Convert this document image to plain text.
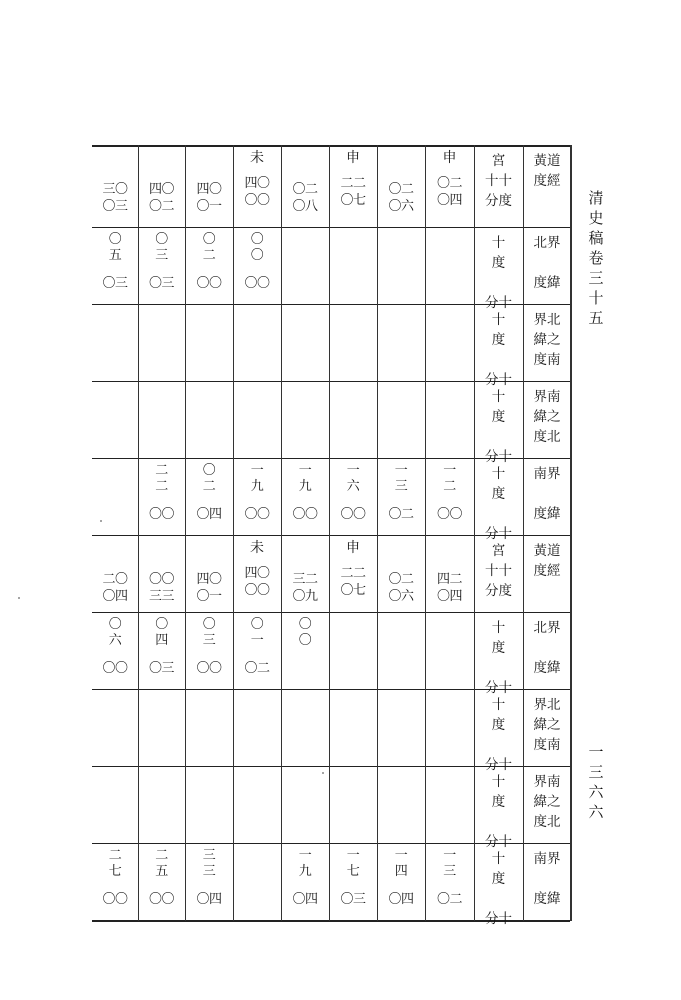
黃道
度經
宮
十十
分度
申
〇二
〇四
〇二
〇六
申
二二
〇七
〇二
〇八
未
四〇
〇〇
四〇
〇一
四〇
〇二
三〇
〇三
北界

度緯
十
度

分十
〇
〇
〇〇
〇
二
〇〇
〇
三
〇三
〇
五
〇三
界北
緯之
度南
十
度

分十
界南
緯之
度北
十
度

分十
南界

度緯
十
度

分十
一
二
〇〇
一
三
〇二
一
六
〇〇
一
九
〇〇
一
九
〇〇
〇
二
〇四
二
二
〇〇
黃道
度經
宮
十十
分度
四二
〇四
〇二
〇六
申
二二
〇七
三二
〇九
未
四〇
〇〇
四〇
〇一
〇〇
三三
二〇
〇四
北界

度緯
十
度

分十
〇
〇
〇
一
〇二
〇
三
〇〇
〇
四
〇三
〇
六
〇〇
界北
緯之
度南
十
度

分十
界南
緯之
度北
十
度

分十
南界

度緯
十
度

分十
一
三
〇二
一
四
〇四
一
七
〇三
一
九
〇四
三
三
〇四
二
五
〇〇
二
七
〇〇
清史稿卷三十五
一三六六
